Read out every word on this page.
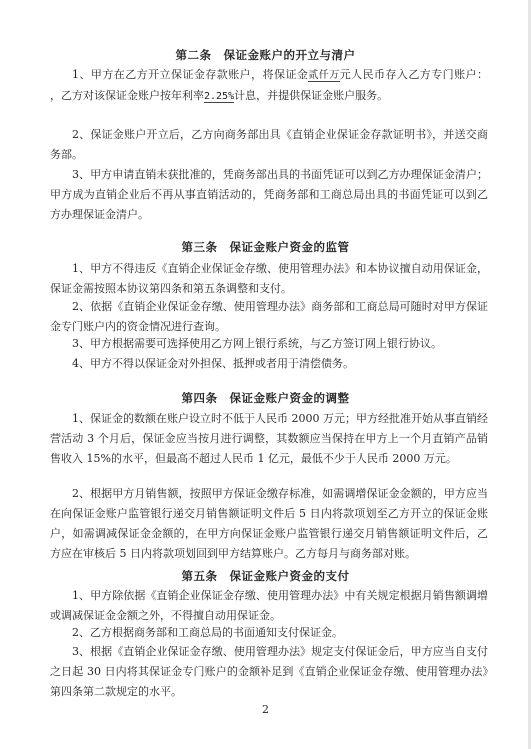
第二条　保证金账户的开立与清户

1、甲方在乙方开立保证金存款账户，将保证金贰仟万元人民币存入乙方专门账户： ，乙方对该保证金账户按年利率2.25%计息，并提供保证金账户服务。

2、保证金账户开立后，乙方向商务部出具《直销企业保证金存款证明书》，并送交商务部。

3、甲方申请直销未获批准的，凭商务部出具的书面凭证可以到乙方办理保证金清户；甲方成为直销企业后不再从事直销活动的，凭商务部和工商总局出具的书面凭证可以到乙方办理保证金清户。

第三条　保证金账户资金的监管

1、甲方不得违反《直销企业保证金存缴、使用管理办法》和本协议擅自动用保证金，保证金需按照本协议第四条和第五条调整和支付。

2、依据《直销企业保证金存缴、使用管理办法》商务部和工商总局可随时对甲方保证金专门账户内的资金情况进行查询。

3、甲方根据需要可选择使用乙方网上银行系统，与乙方签订网上银行协议。

4、甲方不得以保证金对外担保、抵押或者用于清偿债务。

第四条　保证金账户资金的调整

1、保证金的数额在账户设立时不低于人民币 2000 万元；甲方经批准开始从事直销经营活动 3 个月后，保证金应当按月进行调整，其数额应当保持在甲方上一个月直销产品销售收入 15%的水平，但最高不超过人民币 1 亿元，最低不少于人民币 2000 万元。

2、根据甲方月销售额，按照甲方保证金缴存标准，如需调增保证金金额的，甲方应当在向保证金账户监管银行递交月销售额证明文件后 5 日内将款项划至乙方开立的保证金账户，如需调减保证金金额的，在甲方向保证金账户监管银行递交月销售额证明文件后，乙方应在审核后 5 日内将款项划回到甲方结算账户。乙方每月与商务部对账。

第五条　保证金账户资金的支付

1、甲方除依据《直销企业保证金存缴、使用管理办法》中有关规定根据月销售额调增或调减保证金金额之外，不得擅自动用保证金。

2、乙方根据商务部和工商总局的书面通知支付保证金。

3、根据《直销企业保证金存缴、使用管理办法》规定支付保证金后，甲方应当自支付之日起 30 日内将其保证金专门账户的金额补足到《直销企业保证金存缴、使用管理办法》第四条第二款规定的水平。

2
